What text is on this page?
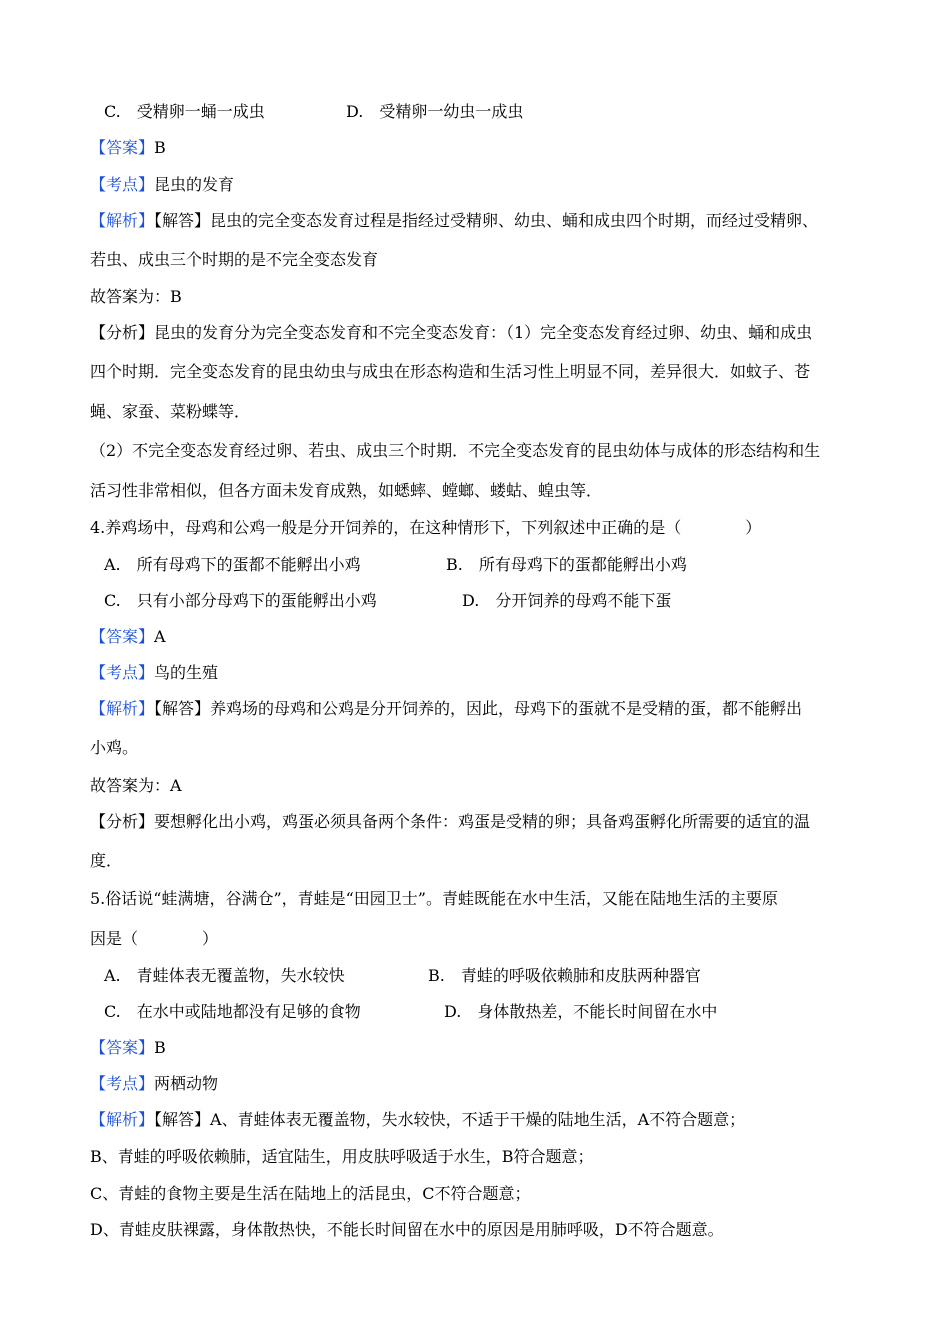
C.　受精卵一蛹一成虫	D.　受精卵一幼虫一成虫
【答案】B
【考点】昆虫的发育
【解析】【解答】昆虫的完全变态发育过程是指经过受精卵、幼虫、蛹和成虫四个时期，而经过受精卵、
若虫、成虫三个时期的是不完全变态发育
故答案为：B
【分析】昆虫的发育分为完全变态发育和不完全变态发育：（1）完全变态发育经过卵、幼虫、蛹和成虫
四个时期．完全变态发育的昆虫幼虫与成虫在形态构造和生活习性上明显不同，差异很大．如蚊子、苍
蝇、家蚕、菜粉蝶等．
（2）不完全变态发育经过卵、若虫、成虫三个时期．不完全变态发育的昆虫幼体与成体的形态结构和生
活习性非常相似，但各方面未发育成熟，如蟋蟀、螳螂、蝼蛄、蝗虫等．
4.养鸡场中，母鸡和公鸡一般是分开饲养的，在这种情形下，下列叙述中正确的是（　　　　）
A.　所有母鸡下的蛋都不能孵出小鸡	B.　所有母鸡下的蛋都能孵出小鸡
C.　只有小部分母鸡下的蛋能孵出小鸡	D.　分开饲养的母鸡不能下蛋
【答案】A
【考点】鸟的生殖
【解析】【解答】养鸡场的母鸡和公鸡是分开饲养的，因此，母鸡下的蛋就不是受精的蛋，都不能孵出
小鸡。
故答案为：A
【分析】要想孵化出小鸡，鸡蛋必须具备两个条件：鸡蛋是受精的卵；具备鸡蛋孵化所需要的适宜的温
度．
5.俗话说“蛙满塘，谷满仓”，青蛙是“田园卫士”。青蛙既能在水中生活，又能在陆地生活的主要原
因是（　　　　）
A.　青蛙体表无覆盖物，失水较快	B.　青蛙的呼吸依赖肺和皮肤两种器官
C.　在水中或陆地都没有足够的食物	D.　身体散热差，不能长时间留在水中
【答案】B
【考点】两栖动物
【解析】【解答】A、青蛙体表无覆盖物，失水较快，不适于干燥的陆地生活，A不符合题意；
B、青蛙的呼吸依赖肺，适宜陆生，用皮肤呼吸适于水生，B符合题意；
C、青蛙的食物主要是生活在陆地上的活昆虫，C不符合题意；
D、青蛙皮肤裸露，身体散热快，不能长时间留在水中的原因是用肺呼吸，D不符合题意。
